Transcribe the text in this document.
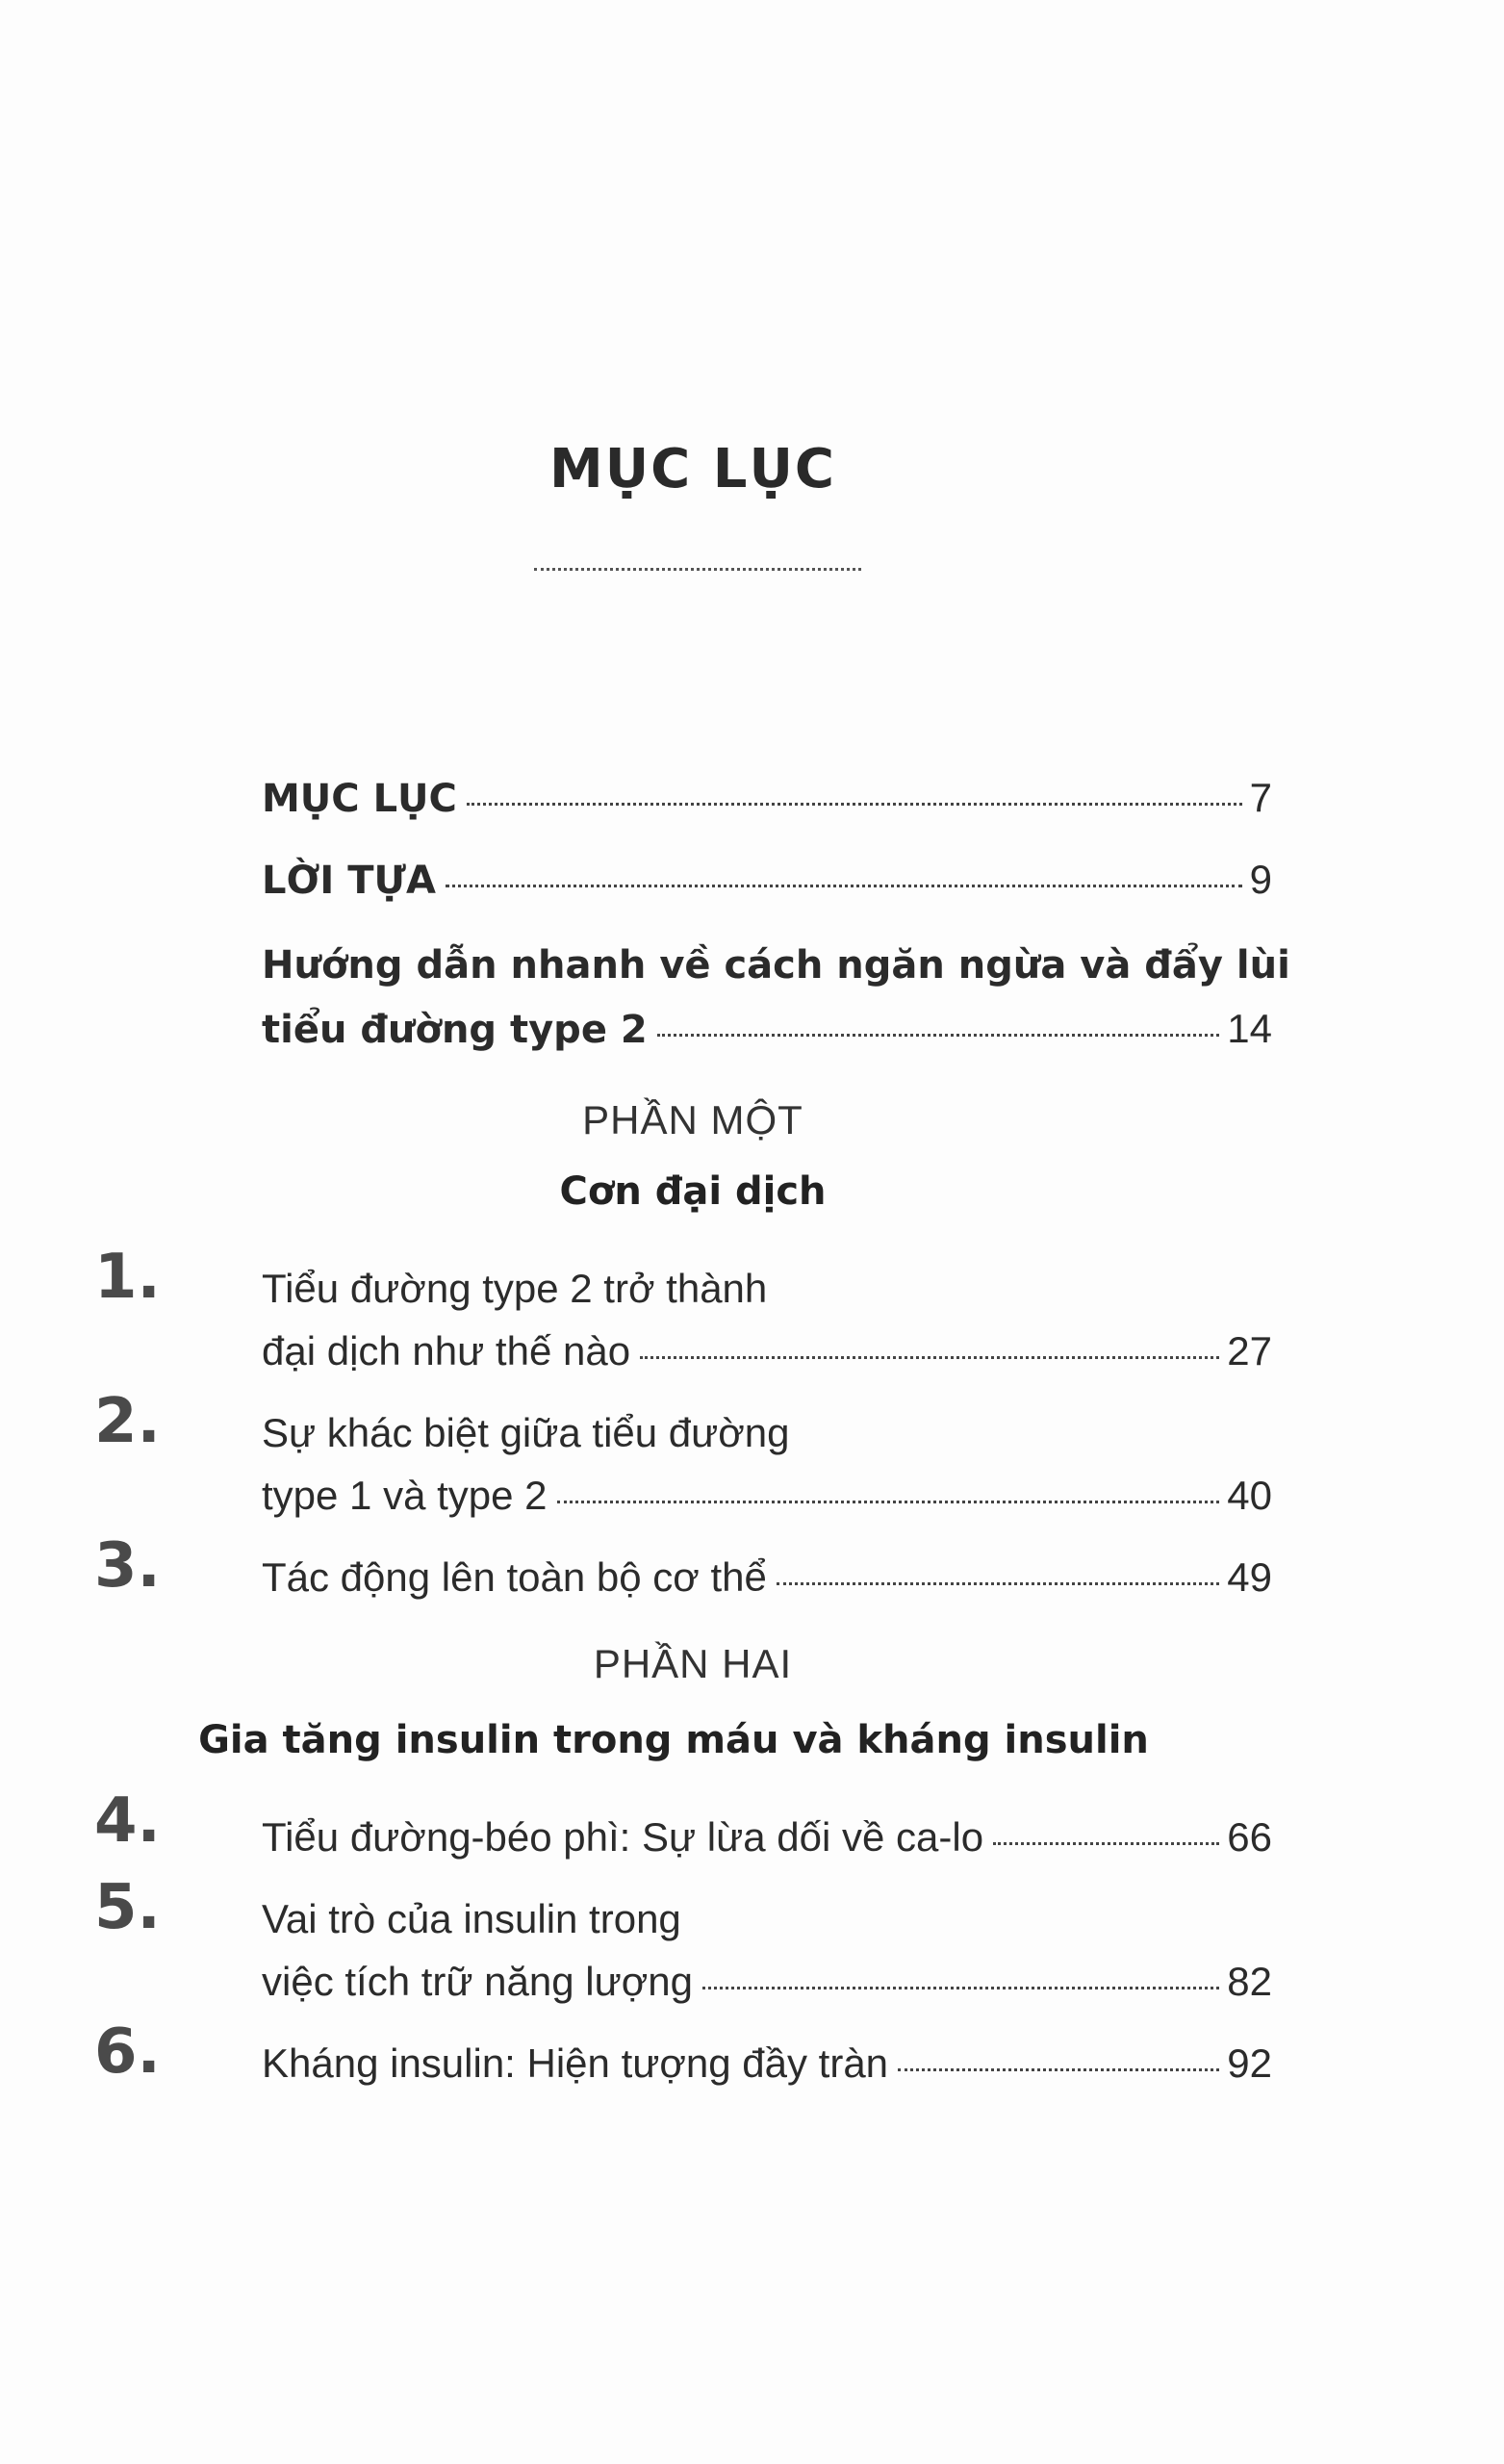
MỤC LỤC
MỤC LỤC	7
LỜI TỰA	9
Hướng dẫn nhanh về cách ngăn ngừa và đẩy lùi
tiểu đường type 2	14
PHẦN MỘT
Cơn đại dịch
1.	Tiểu đường type 2 trở thành
đại dịch như thế nào	27
2.	Sự khác biệt giữa tiểu đường
type 1 và type 2	40
3.	Tác động lên toàn bộ cơ thể	49
PHẦN HAI
Gia tăng insulin trong máu và kháng insulin
4.	Tiểu đường-béo phì: Sự lừa dối về ca-lo	66
5.	Vai trò của insulin trong
việc tích trữ năng lượng	82
6.	Kháng insulin: Hiện tượng đầy tràn	92
